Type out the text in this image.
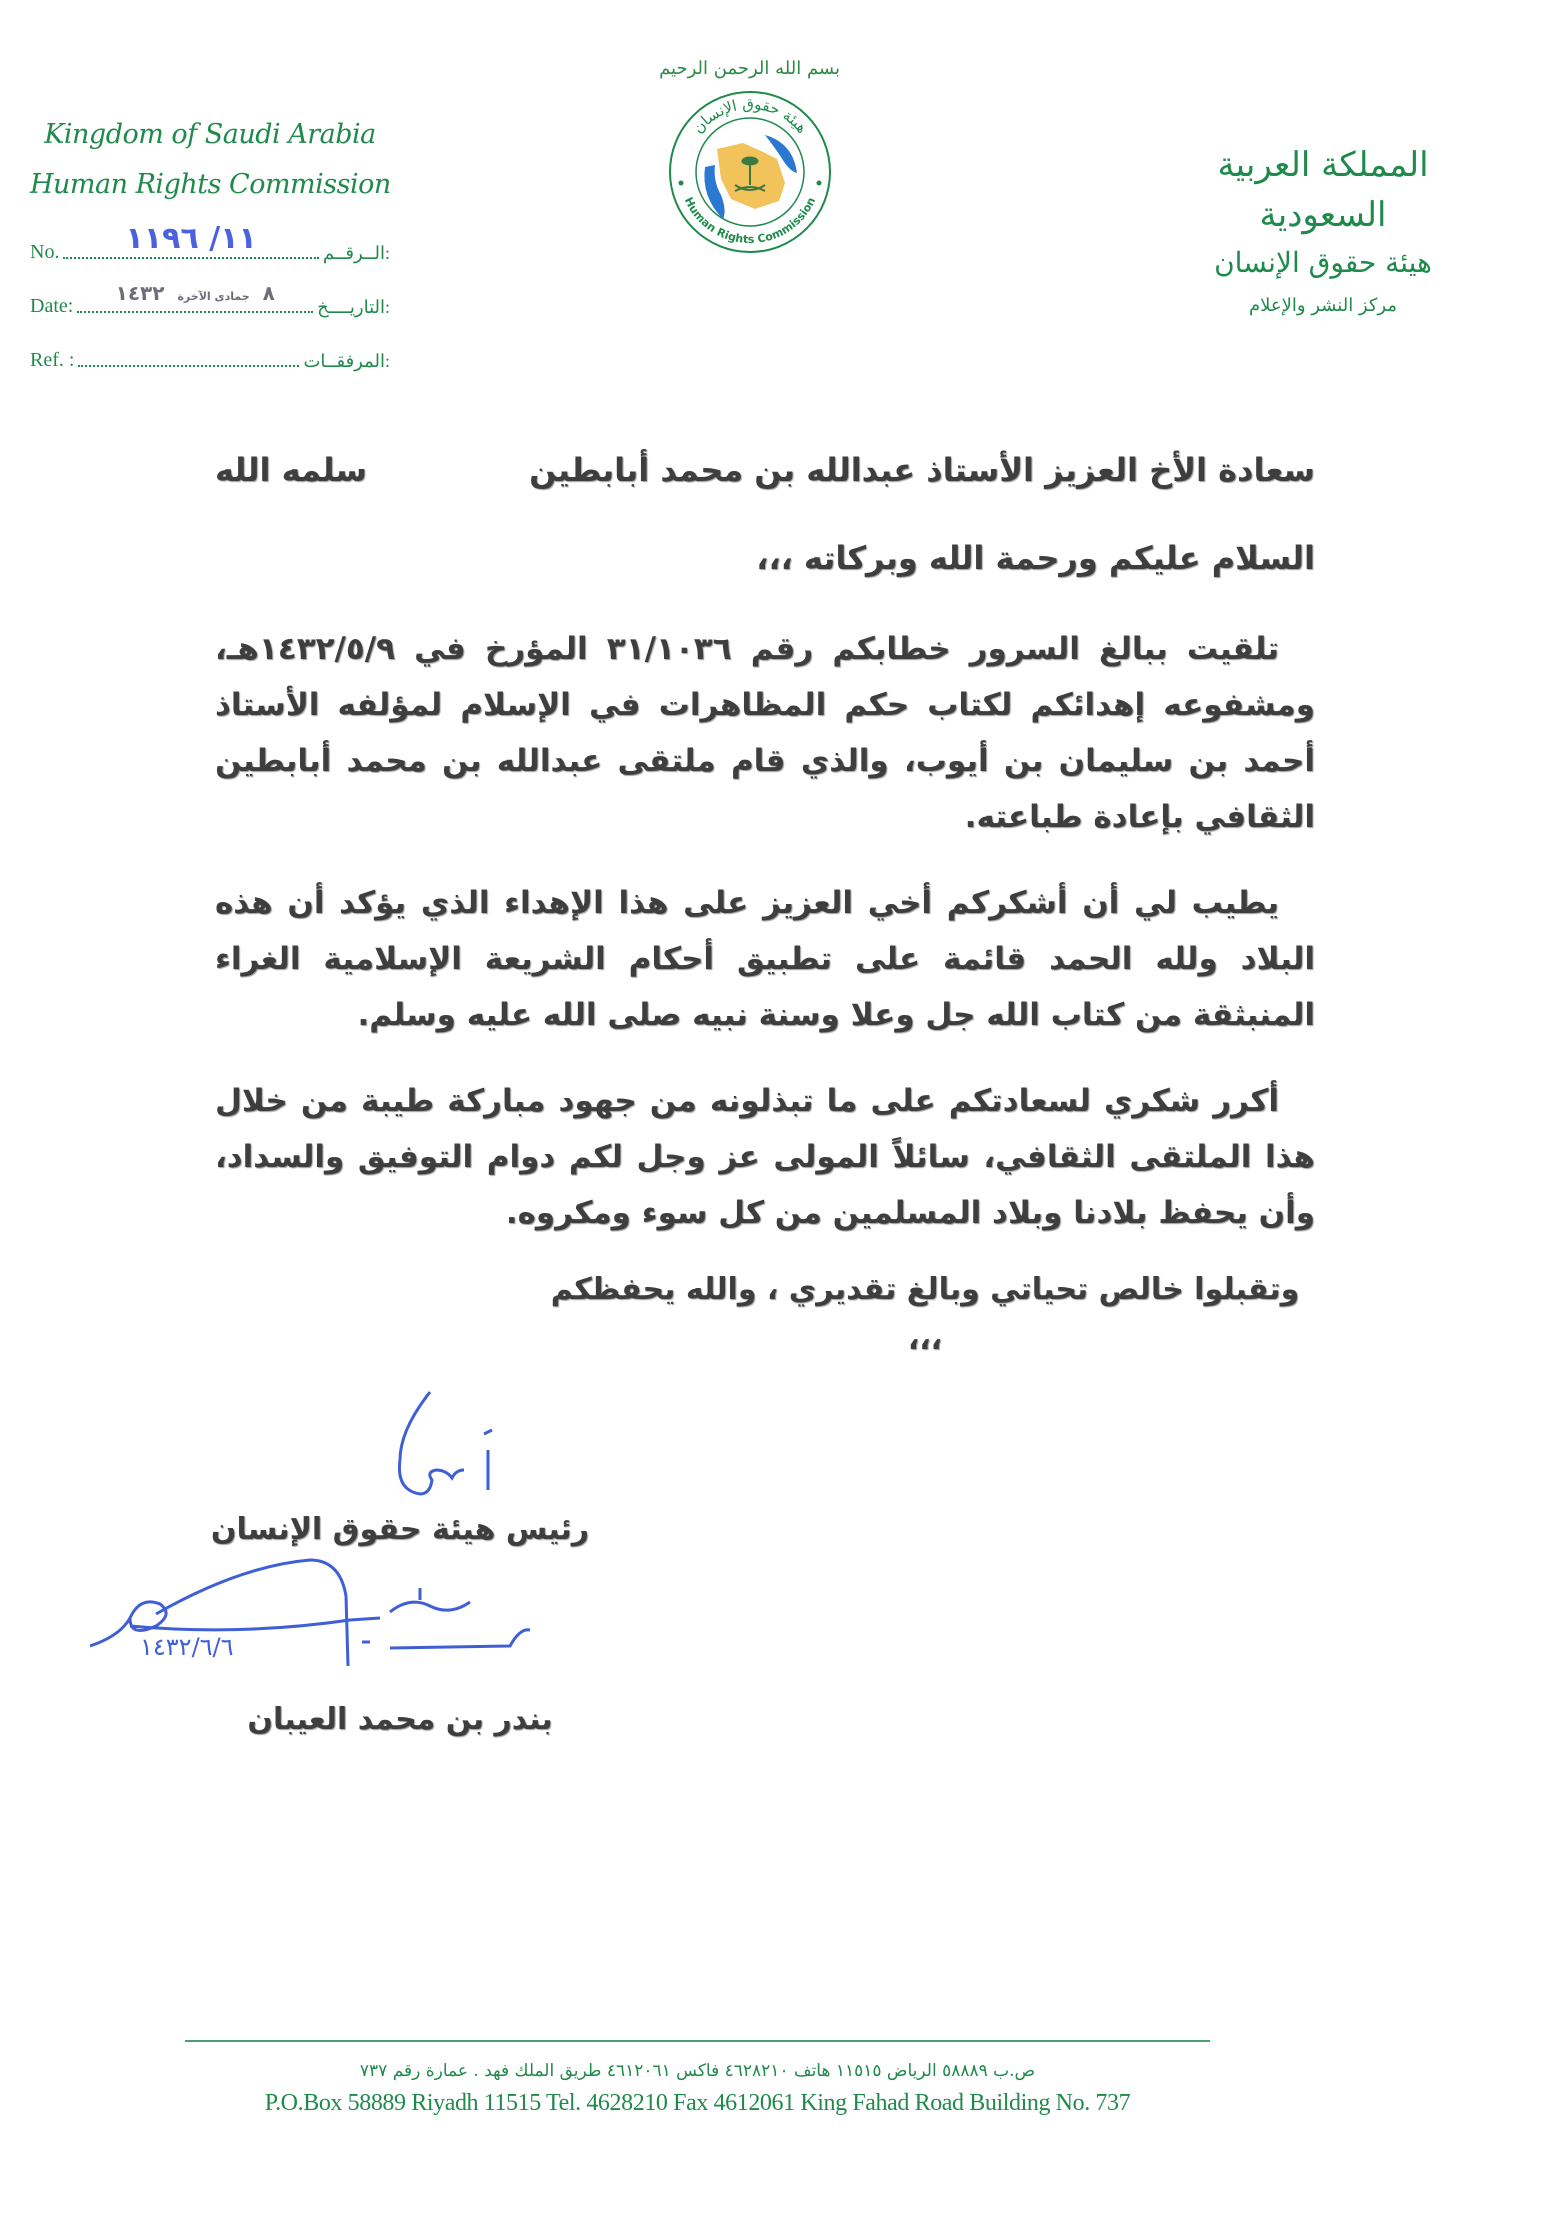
Kingdom of Saudi Arabia
Human Rights Commission
No. ١١/ ١١٩٦	:الــرقــم
Date:
٨ جمادى الآخرة ١٤٣٢
:التاريــــخ
Ref. :	:المرفقــات
بسم الله الرحمن الرحيم
هيئة حقوق الإنسان
Human Rights Commission
المملكة العربية السعودية
هيئة حقوق الإنسان
مركز النشر والإعلام
سعادة الأخ العزيز الأستاذ عبدالله بن محمد أبابطين
سلمه الله
السلام عليكم ورحمة الله وبركاته ،،،

تلقيت ببالغ السرور خطابكم رقم ٣١/١٠٣٦ المؤرخ في ١٤٣٢/٥/٩هـ، ومشفوعه إهدائكم لكتاب حكم المظاهرات في الإسلام لمؤلفه الأستاذ أحمد بن سليمان بن أيوب، والذي قام ملتقى عبدالله بن محمد أبابطين الثقافي بإعادة طباعته.

يطيب لي أن أشكركم أخي العزيز على هذا الإهداء الذي يؤكد أن هذه البلاد ولله الحمد قائمة على تطبيق أحكام الشريعة الإسلامية الغراء المنبثقة من كتاب الله جل وعلا وسنة نبيه صلى الله عليه وسلم.

أكرر شكري لسعادتكم على ما تبذلونه من جهود مباركة طيبة من خلال هذا الملتقى الثقافي، سائلاً المولى عز وجل لكم دوام التوفيق والسداد، وأن يحفظ بلادنا وبلاد المسلمين من كل سوء ومكروه.

وتقبلوا خالص تحياتي وبالغ تقديري ، والله يحفظكم ،،،
رئيس هيئة حقوق الإنسان
١٤٣٢/٦/٦
بندر بن محمد العيبان
ص.ب ٥٨٨٨٩ الرياض ١١٥١٥ هاتف ٤٦٢٨٢١٠ فاكس ٤٦١٢٠٦١ طريق الملك فهد . عمارة رقم ٧٣٧
P.O.Box 58889 Riyadh 11515 Tel. 4628210 Fax 4612061 King Fahad Road Building No. 737
